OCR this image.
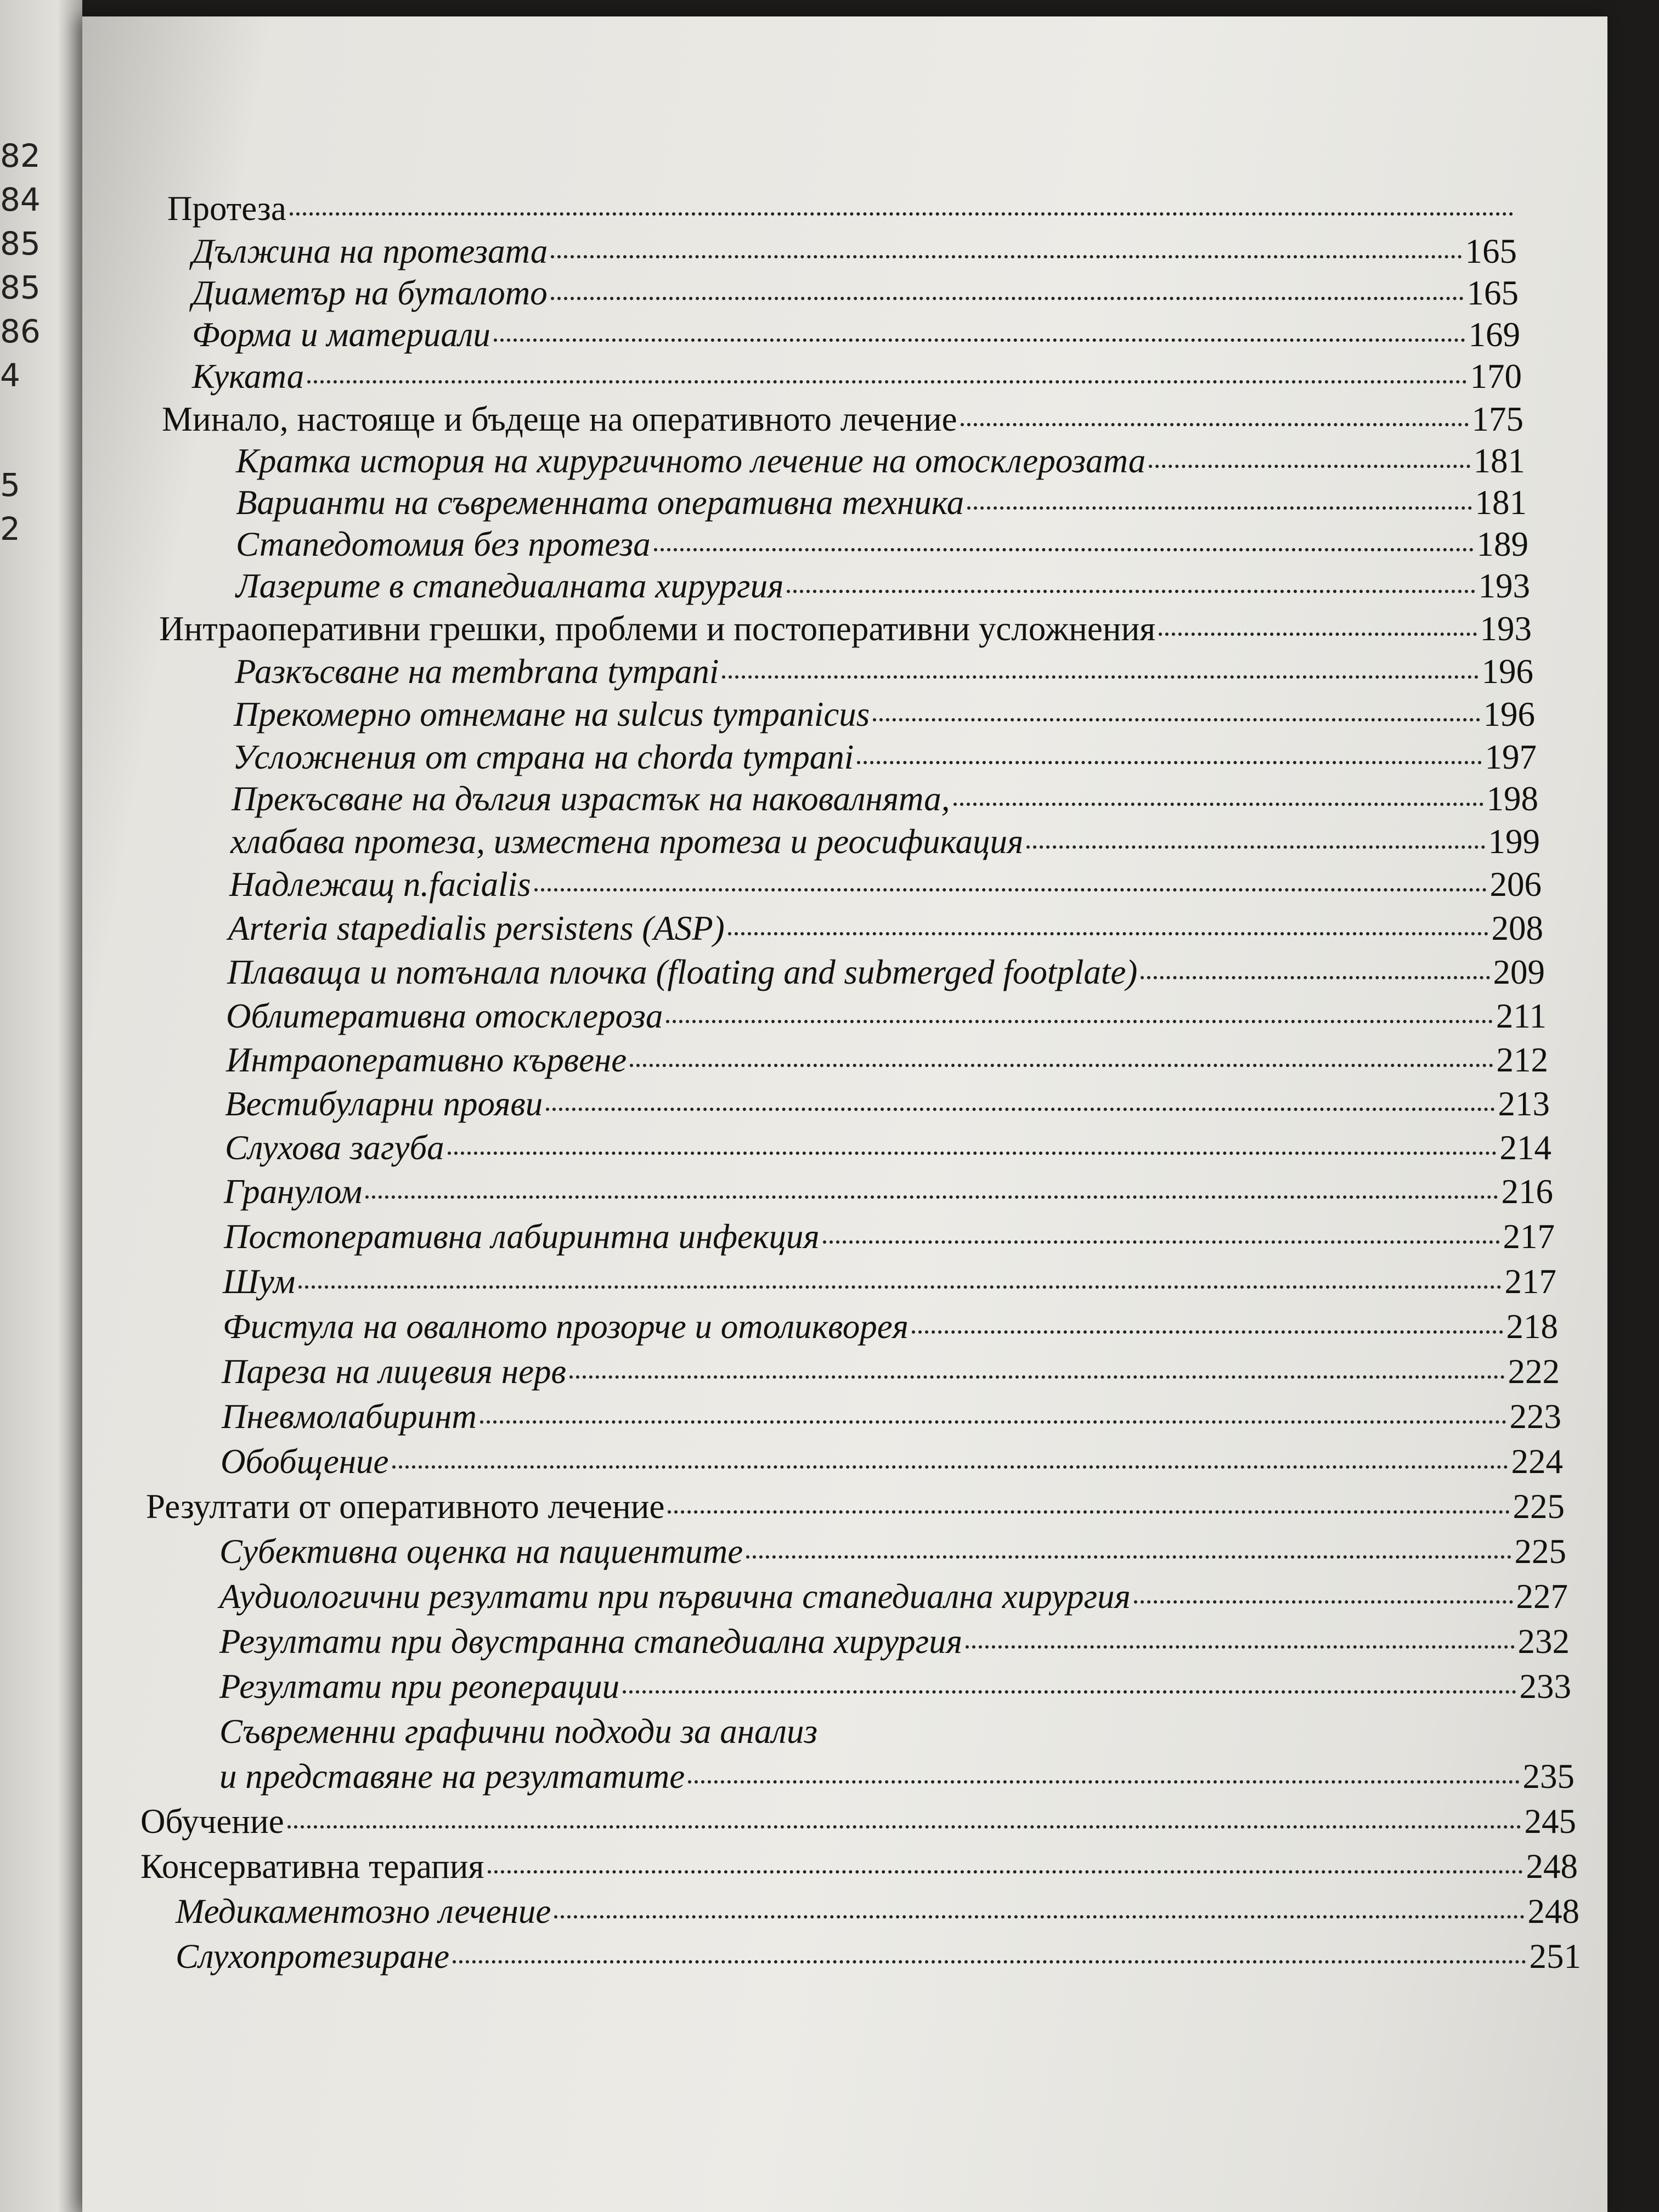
82
84
85
85
86
4
5
2
Протеза
Дължина на протезата	165
Диаметър на буталото	165
Форма и материали	169
Куката	170
Минало, настояще и бъдеще на оперативното лечение	175
Кратка история на хирургичното лечение на отосклерозата	181
Варианти на съвременната оперативна техника	181
Стапедотомия без протеза	189
Лазерите в стапедиалната хирургия	193
Интраоперативни грешки, проблеми и постоперативни усложнения	193
Разкъсване на membrana tympani	196
Прекомерно отнемане на sulcus tympanicus	196
Усложнения от страна на chorda tympani	197
Прекъсване на дългия израстък на наковалнята,	198
хлабава протеза, изместена протеза и реосификация	199
Надлежащ n.facialis	206
Arteria stapedialis persistens (ASP)	208
Плаваща и потънала плочка (floating and submerged footplate)	209
Облитеративна отосклероза	211
Интраоперативно кървене	212
Вестибуларни прояви	213
Слухова загуба	214
Гранулом	216
Постоперативна лабиринтна инфекция	217
Шум	217
Фистула на овалното прозорче и отоликворея	218
Пареза на лицевия нерв	222
Пневмолабиринт	223
Обобщение	224
Резултати от оперативното лечение	225
Субективна оценка на пациентите	225
Аудиологични резултати при първична стапедиална хирургия	227
Резултати при двустранна стапедиална хирургия	232
Резултати при реоперации	233
Съвременни графични подходи за анализ
и представяне на резултатите	235
Обучение	245
Консервативна терапия	248
Медикаментозно лечение	248
Слухопротезиране	251
